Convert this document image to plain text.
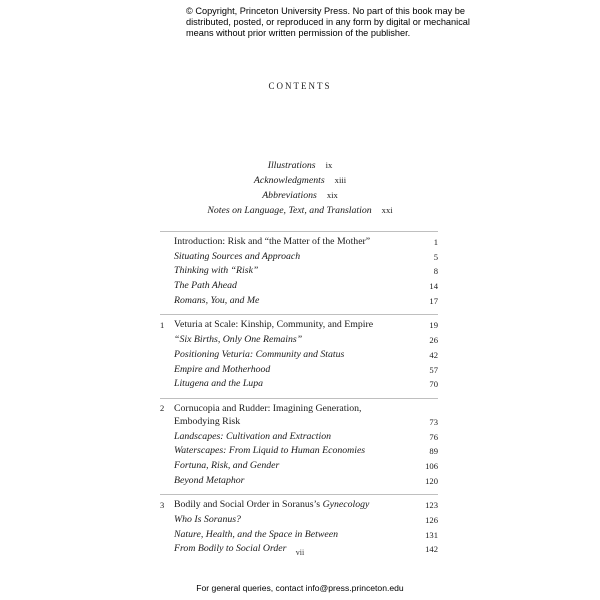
© Copyright, Princeton University Press. No part of this book may be
distributed, posted, or reproduced in any form by digital or mechanical
means without prior written permission of the publisher.
CONTENTS
Illustrations ix
Acknowledgments xiii
Abbreviations xix
Notes on Language, Text, and Translation xxi
Introduction: Risk and “the Matter of the Mother”	1
Situating Sources and Approach	5
Thinking with “Risk”	8
The Path Ahead	14
Romans, You, and Me	17
1 Veturia at Scale: Kinship, Community, and Empire	19
“Six Births, Only One Remains”	26
Positioning Veturia: Community and Status	42
Empire and Motherhood	57
Litugena and the Lupa	70
2 Cornucopia and Rudder: Imagining Generation,
Embodying Risk	73
Landscapes: Cultivation and Extraction	76
Waterscapes: From Liquid to Human Economies	89
Fortuna, Risk, and Gender	106
Beyond Metaphor	120
3 Bodily and Social Order in Soranus’s Gynecology	123
Who Is Soranus?	126
Nature, Health, and the Space in Between	131
From Bodily to Social Order	142
vii
For general queries, contact info@press.princeton.edu
